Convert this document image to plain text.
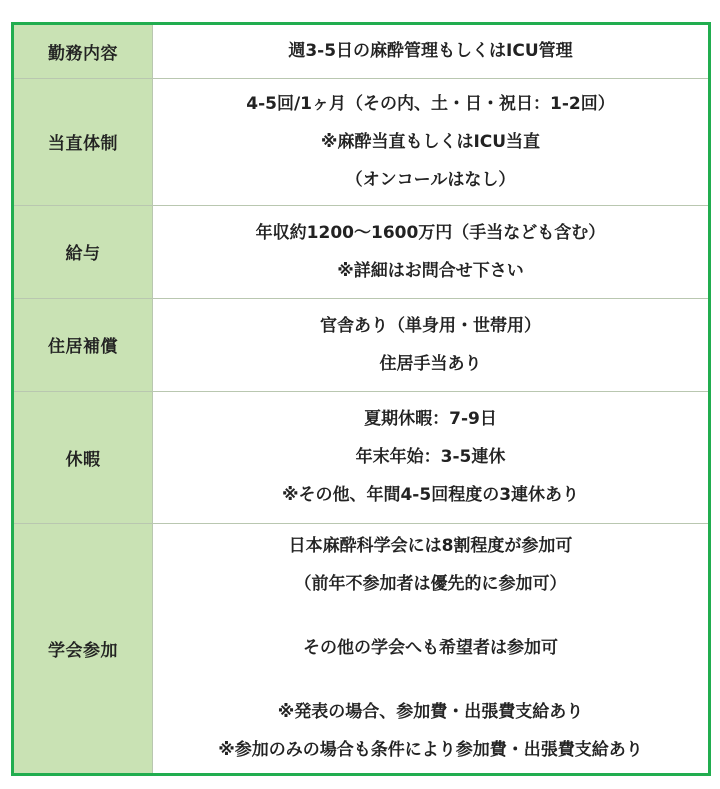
勤務内容	週3-5日の麻酔管理もしくはICU管理

当直体制	4-5回/1ヶ月（その内、土・日・祝日：1-2回）
※麻酔当直もしくはICU当直
（オンコールはなし）

給与	年収約1200〜1600万円（手当なども含む）
※詳細はお問合せ下さい

住居補償	官舎あり（単身用・世帯用）
住居手当あり

休暇	夏期休暇：7-9日
年末年始：3-5連休
※その他、年間4-5回程度の3連休あり

学会参加	日本麻酔科学会には8割程度が参加可
（前年不参加者は優先的に参加可）
その他の学会へも希望者は参加可
※発表の場合、参加費・出張費支給あり
※参加のみの場合も条件により参加費・出張費支給あり
